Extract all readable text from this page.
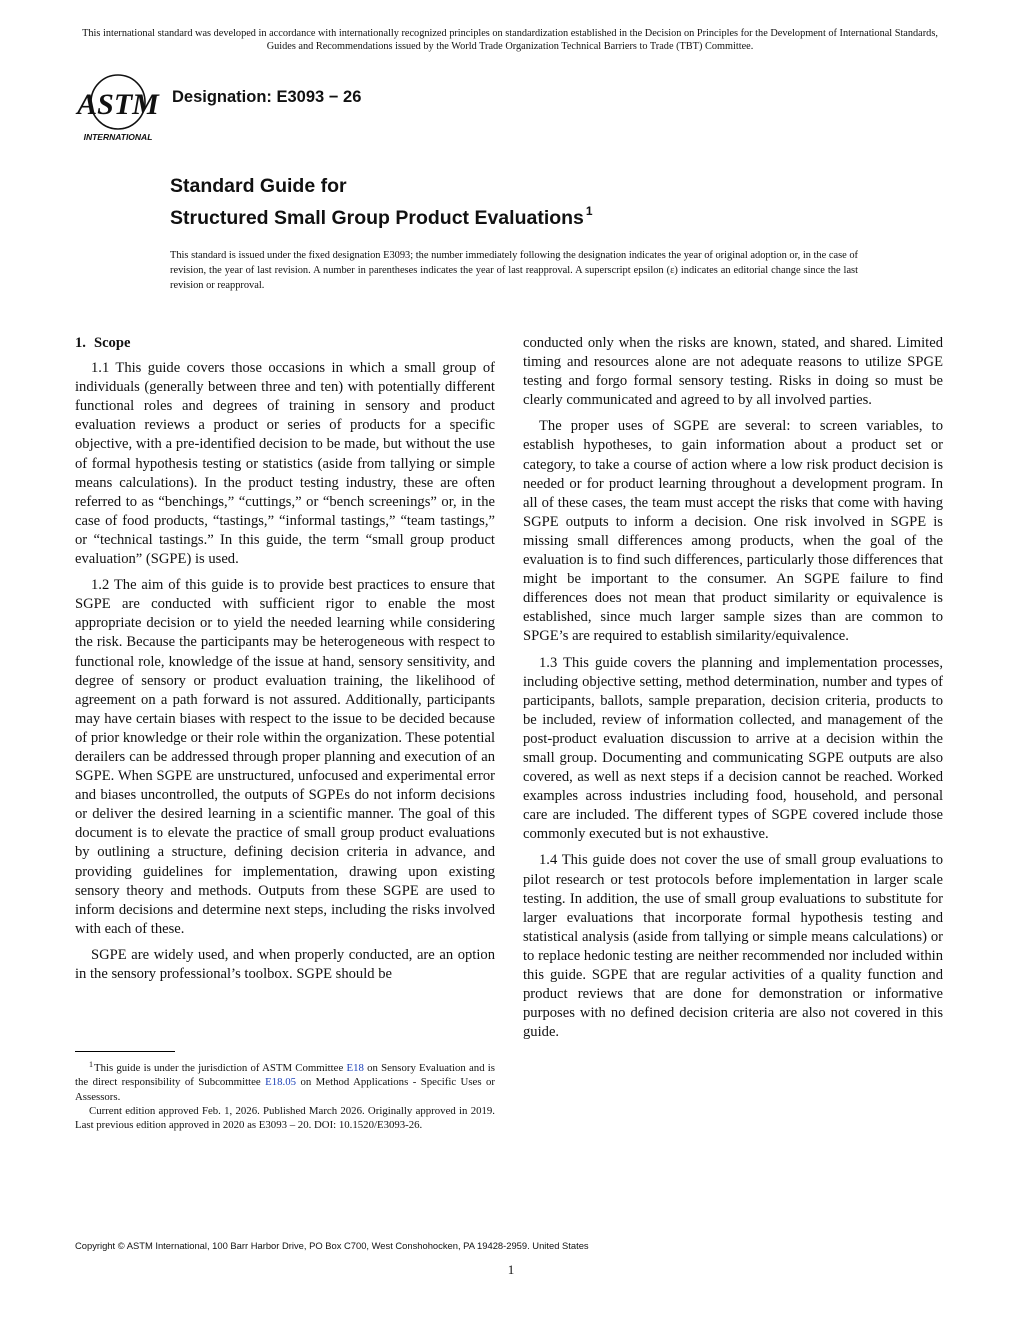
This international standard was developed in accordance with internationally recognized principles on standardization established in the Decision on Principles for the Development of International Standards, Guides and Recommendations issued by the World Trade Organization Technical Barriers to Trade (TBT) Committee.
ASTM
INTERNATIONAL
Designation: E3093 − 26
Standard Guide for
Structured Small Group Product Evaluations $^1$
This standard is issued under the fixed designation E3093; the number immediately following the designation indicates the year of original adoption or, in the case of revision, the year of last revision. A number in parentheses indicates the year of last reapproval. A superscript epsilon (ε) indicates an editorial change since the last revision or reapproval.
1. Scope

1.1 This guide covers those occasions in which a small group of individuals (generally between three and ten) with potentially different functional roles and degrees of training in sensory and product evaluation reviews a product or series of products for a specific objective, with a pre-identified decision to be made, but without the use of formal hypothesis testing or statistics (aside from tallying or simple means calculations). In the product testing industry, these are often referred to as “benchings,” “cuttings,” or “bench screenings” or, in the case of food products, “tastings,” “informal tastings,” “team tastings,” or “technical tastings.” In this guide, the term “small group product evaluation” (SGPE) is used.

1.2 The aim of this guide is to provide best practices to ensure that SGPE are conducted with sufficient rigor to enable the most appropriate decision or to yield the needed learning while considering the risk. Because the participants may be heterogeneous with respect to functional role, knowledge of the issue at hand, sensory sensitivity, and degree of sensory or product evaluation training, the likelihood of agreement on a path forward is not assured. Additionally, participants may have certain biases with respect to the issue to be decided because of prior knowledge or their role within the organization. These potential derailers can be addressed through proper planning and execution of an SGPE. When SGPE are unstructured, unfocused and experimental error and biases uncontrolled, the outputs of SGPEs do not inform decisions or deliver the desired learning in a scientific manner. The goal of this document is to elevate the practice of small group product evaluations by outlining a structure, defining decision criteria in advance, and providing guidelines for implementation, drawing upon existing sensory theory and methods. Outputs from these SGPE are used to inform decisions and determine next steps, including the risks involved with each of these.

SGPE are widely used, and when properly conducted, are an option in the sensory professional’s toolbox. SGPE should be

conducted only when the risks are known, stated, and shared. Limited timing and resources alone are not adequate reasons to utilize SPGE testing and forgo formal sensory testing. Risks in doing so must be clearly communicated and agreed to by all involved parties.

The proper uses of SGPE are several: to screen variables, to establish hypotheses, to gain information about a product set or category, to take a course of action where a low risk product decision is needed or for product learning throughout a development program. In all of these cases, the team must accept the risks that come with having SGPE outputs to inform a decision. One risk involved in SGPE is missing small differences among products, when the goal of the evaluation is to find such differences, particularly those differences that might be important to the consumer. An SGPE failure to find differences does not mean that product similarity or equivalence is established, since much larger sample sizes than are common to SPGE’s are required to establish similarity/equivalence.

1.3 This guide covers the planning and implementation processes, including objective setting, method determination, number and types of participants, ballots, sample preparation, decision criteria, products to be included, review of information collected, and management of the post-product evaluation discussion to arrive at a decision within the small group. Documenting and communicating SGPE outputs are also covered, as well as next steps if a decision cannot be reached. Worked examples across industries including food, household, and personal care are included. The different types of SGPE covered include those commonly executed but is not exhaustive.

1.4 This guide does not cover the use of small group evaluations to pilot research or test protocols before implementation in larger scale testing. In addition, the use of small group evaluations to substitute for larger evaluations that incorporate formal hypothesis testing and statistical analysis (aside from tallying or simple means calculations) or to replace hedonic testing are neither recommended nor included within this guide. SGPE that are regular activities of a quality function and product reviews that are done for demonstration or informative purposes with no defined decision criteria are also not covered in this guide.

$^1$This guide is under the jurisdiction of ASTM Committee E18 on Sensory Evaluation and is the direct responsibility of Subcommittee E18.05 on Method Applications - Specific Uses or Assessors.

Current edition approved Feb. 1, 2026. Published March 2026. Originally approved in 2019. Last previous edition approved in 2020 as E3093 – 20. DOI: 10.1520/E3093-26.

Copyright © ASTM International, 100 Barr Harbor Drive, PO Box C700, West Conshohocken, PA 19428-2959. United States
1
